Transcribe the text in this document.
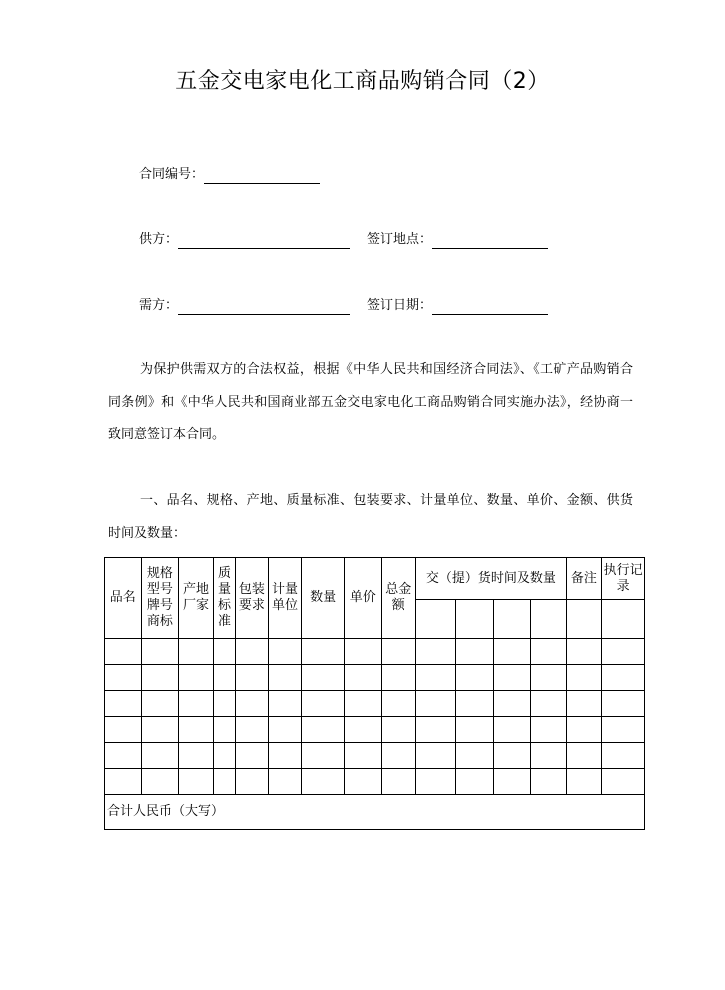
五金交电家电化工商品购销合同（2）
合同编号：
供方：	签订地点：
需方：	签订日期：
为保护供需双方的合法权益，根据《中华人民共和国经济合同法》、《工矿产品购销合同条例》和《中华人民共和国商业部五金交电家电化工商品购销合同实施办法》，经协商一致同意签订本合同。
一、品名、规格、产地、质量标准、包装要求、计量单位、数量、单价、金额、供货时间及数量：
品名	规格型号牌号商标	产地厂家	质量标准	包装要求	计量单位	数量	单价	总金额	交（提）货时间及数量				备注	执行记录

合计人民币（大写）														
